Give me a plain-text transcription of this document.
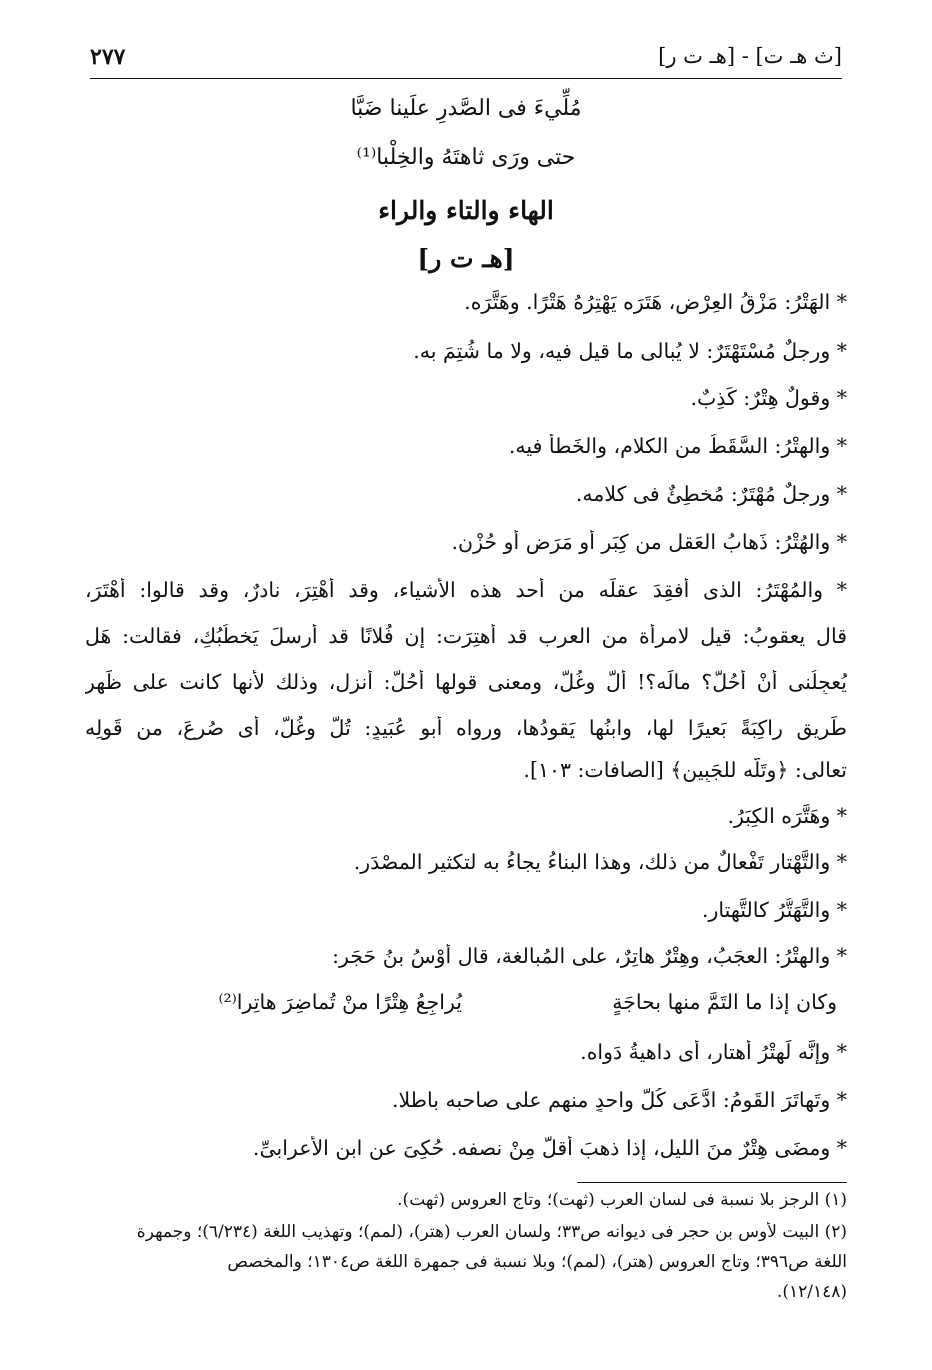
٢٧٧	[ث هـ ت] - [هـ ت ر]
مُلِّيءَ فى الصَّدرِ علَينا ضَبَّا
حتى ورَى ثاهتَهُ والخِلْبا⁽¹⁾
الهاء والتاء والراء
[هـ ت ر]
* الهَتْرُ: مَزْقُ العِرْضِ، هَتَرَه يَهْتِرُهُ هَتْرًا. وهَتَّرَه.
* ورجلٌ مُسْتَهْتَرٌ: لا يُبالى ما قيل فيه، ولا ما شُتِمَ به.
* وقولٌ هِتْرٌ: كَذِبٌ.
* والهِتْرُ: السَّقَطُ من الكلام، والخَطأُ فيه.
* ورجلٌ مُهْتَرٌ: مُخطِئٌ فى كلامه.
* والهُتْرُ: ذَهابُ العَقلِ من كِبَرٍ أو مَرَضٍ أو حُزْنٍ.
* والمُهْتَرُ: الذى أُفقِدَ عقلَه من أحد هذه الأشياء، وقد أُهْتِرَ، نادرٌ، وقد قالوا: أَهْتَرَ،
قال يعقوبُ: قيل لامرأة من العرب قد أُهتِرَت: إن فُلانًا قد أرسلَ يَخطُبُكِ، فقالت: هَل
يُعجِلُنى أنْ أَحُلَّ؟ مالَه؟! أُلَّ وغُلَّ، ومعنى قولها أَحُلَّ: أنزل، وذلك لأنها كانت على ظَهرِ
طَريقٍ راكِبَةً بَعيرًا لها، وابنُها يَقودُها، ورواه أبو عُبَيدٍ: تُلَّ وغُلَّ، أى صُرِعَ، من قَولِه
تعالى: ﴿وتَلَّه للجَبِينِ﴾ [الصافات: ١٠٣].
* وهَتَّرَه الكِبَرُ.
* والتَّهْتار تَفْعالٌ من ذلك، وهذا البناءُ يجاءُ به لتكثير المصْدَرِ.
* والتَّهَتُّرُ كالتَّهتارِ.
* والهِتْرُ: العجَبُ، وهِتْرٌ هاتِرٌ، على المُبالغة، قال أَوْسُ بنُ حَجَرٍ:
وكان إذا ما التَمَّ منها بحاجَةٍ
يُراجِعُ هِتْرًا منْ تُماضِرَ هاتِرا⁽²⁾
* وإنَّه لَهِتْرُ أهتارٍ، أى داهيةُ دَواه.
* وتَهاتَرَ القَومُ: ادَّعَى كُلُّ واحدٍ منهم على صاحبه باطلا.
* ومضَى هِتْرٌ منَ الليلِ، إذا ذهبَ أقلُّ مِنْ نصفه. حُكِىَ عنِ ابنِ الأعرابىِّ.
(١) الرجز بلا نسبة فى لسان العرب (ثهت)؛ وتاج العروس (ثهت).
(٢) البيت لأوس بن حجر فى ديوانه ص٣٣؛ ولسان العرب (هتر)، (لمم)؛ وتهذيب اللغة (٦/٢٣٤)؛ وجمهرة
اللغة ص٣٩٦؛ وتاج العروس (هتر)، (لمم)؛ وبلا نسبة فى جمهرة اللغة ص١٣٠٤؛ والمخصص
(١٢/١٤٨).
